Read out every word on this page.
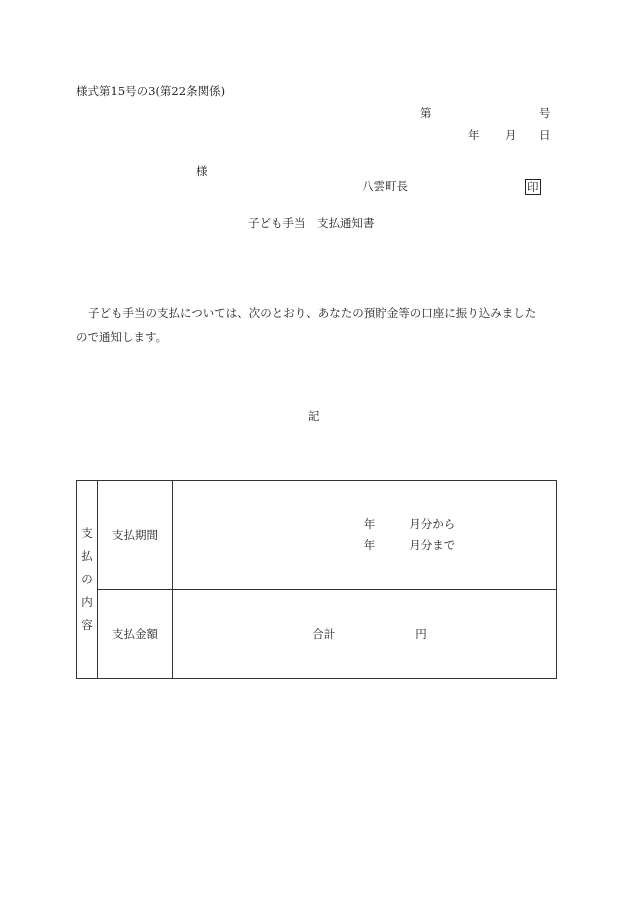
様式第15号の3(第22条関係)
第	号
年 月 日
様
八雲町長	印
子ども手当　支払通知書

子ども手当の支払については、次のとおり、あなたの預貯金等の口座に振り込みました

ので通知します。

記
支
払
の
内
容	支払期間	年 月分から
年 月分まで

	支払金額	合計 円
